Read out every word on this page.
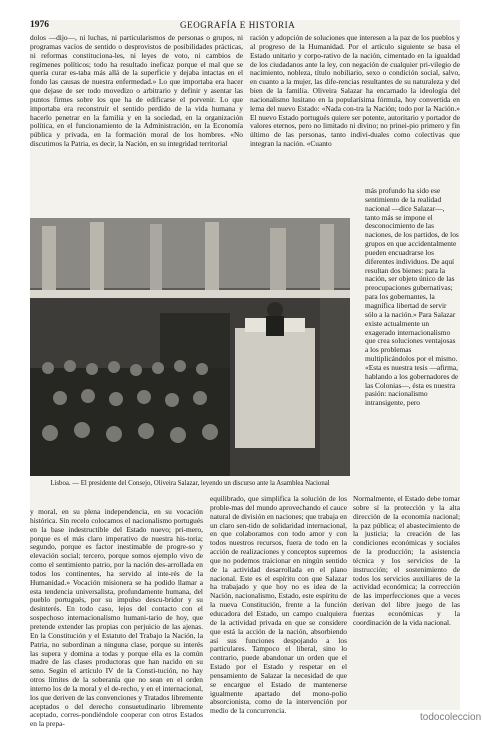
1976	GEOGRAFÍA E HISTORIA
dolos —dijo—, ni luchas, ni particularismos de personas o grupos, ni programas vacíos de sentido o desprovistos de posibilidades prácticas, ni reformas constituciona-les, ni leyes de voto, ni cambios de regímenes políticos; todo ha resultado ineficaz porque el mal que se quería curar es-taba más allá de la superficie y dejaba intactas en el fondo las causas de nuestra enfermedad.» Lo que importaba era hacer que dejase de ser todo movedizo o arbitrario y definir y asentar las puntos firmes sobre los que ha de edificarse el porvenir. Lo que importaba era reconstruir el sentido perdido de la vida humana y hacerlo penetrar en la familia y en la sociedad, en la organización política, en el funcionamiento de la Administración, en la Economía pública y privada, en la formación moral de los hombres. «No discutimos la Patria, es decir, la Nación, en su integridad territorial
ración y adopción de soluciones que interesen a la paz de los pueblos y al progreso de la Humanidad. Por el artículo siguiente se basa el Estado unitario y corpo-rativo de la nación, cimentado en la igualdad de los ciudadanos ante la ley, con negación de cualquier pri-vilegio de nacimiento, nobleza, título nobiliario, sexo o condición social, salvo, en cuanto a la mujer, las dife-rencias resultantes de su naturaleza y del bien de la familia. Oliveira Salazar ha encarnado la ideología del nacionalismo lusitano en la popularísima fórmula, hoy convertida en lema del nuevo Estado: «Nada con-tra la Nación; todo por la Nación.» El nuevo Estado portugués quiere ser potente, autoritario y portador de valores eternos, pero no limitado ni divino; no prinei-pio primero y fin último de las personas, tanto indivi-duales como colectivas que integran la nación. «Cuanto
Lisboa. — El presidente del Consejo, Oliveira Salazar, leyendo un discurso ante la Asamblea Nacional
más profundo ha sido ese sentimiento de la realidad nacional —dice Salazar—, tanto más se impone el desconocimiento de las naciones, de los partidos, de los grupos en que accidentalmente pueden encuadrarse los diferentes individuos. De aquí resultan dos bienes: para la nación, ser objeto único de las preocupaciones gubernativas; para los gobernantes, la magnífica libertad de servir sólo a la nación.» Para Salazar existe actualmente un exagerado internacionalismo que crea soluciones ventajosas a los problemas multiplicándolos por el mismo. «Esta es nuestra tesis —afirma, hablando a los gobernadores de las Colonias—, ésta es nuestra pasión: nacionalismo intransigente, pero
y moral, en su plena independencia, en su vocación histórica. Sin recelo colocamos el nacionalismo portugués en la base indestructible del Estado nuevo; pri-mero, porque es el más claro imperativo de nuestra his-toria; segundo, porque es factor inestimable de progre-so y elevación social; tercero, porque somos ejemplo vivo de como el sentimiento patrio, por la nación des-arrollada en todos los continentes, ha servido al inte-rés de la Humanidad.» Vocación misionera se ha podido llamar a esta tendencia universalista, profundamente humana, del pueblo portugués, por su impulso descu-bridor y su desinterés. En todo caso, lejos del contacto con el sospechoso internacionalismo humani-tario de hoy, que pretende extender las propias con perjuicio de las ajenas. En la Constitución y el Estatuto del Trabajo la Nación, la Patria, no subordinan a ninguna clase, porque su interés las supera y domina a todas y porque ella es la común madre de las clases productoras que han nacido en su seno. Según el artículo IV de la Consti-tución, no hay otros límites de la soberanía que no sean en el orden interno los de la moral y el de-recho, y en el internacional, los que deriven de las convenciones y Tratados libremente aceptados o del derecho consuetudinario libremente aceptado, corres-pondiéndole cooperar con otros Estados en la prepa-
equilibrado, que simplifica la solución de los proble-mas del mundo aprovechando el cauce natural de división en naciones; que trabaja en un claro sen-tido de solidaridad internacional, en que colaboramos con todo amor y con todos nuestros recursos, fuera de todo en la acción de realizaciones y conceptos supremos que no podemos traicionar en ningún sentido de la actividad desarrollada en el plano nacional. Este es el espíritu con que Salazar ha trabajado y que hoy no es idea de la Nación, nacionalismo, Estado, este espíritu de la nueva Constitución, frente a la función educadora del Estado, un campo cualquiera de la actividad privada en que se considere que está la acción de la nación, absorbiendo así sus funciones despojando a los particulares. Tampoco el liberal, sino lo contrario, puede abandonar un orden que el Estado por el Estado y respetar en el pensamiento de Salazar la necesidad de que se encargue el Estado de mantenerse igualmente apartado del mono-polio absorcionista, como de la intervención por medio de la concurrencia.
Normalmente, el Estado debe tomar sobre sí la protección y la alta dirección de la economía nacional; la paz pública; el abastecimiento de la justicia; la creación de las condiciones económicas y sociales de la producción; la asistencia técnica y los servicios de la instrucción; el sostenimiento de todos los servicios auxiliares de la actividad económica; la corrección de las imperfecciones que a veces derivan del libre juego de las fuerzas económicas y la coordinación de la vida nacional.
todocoleccion
